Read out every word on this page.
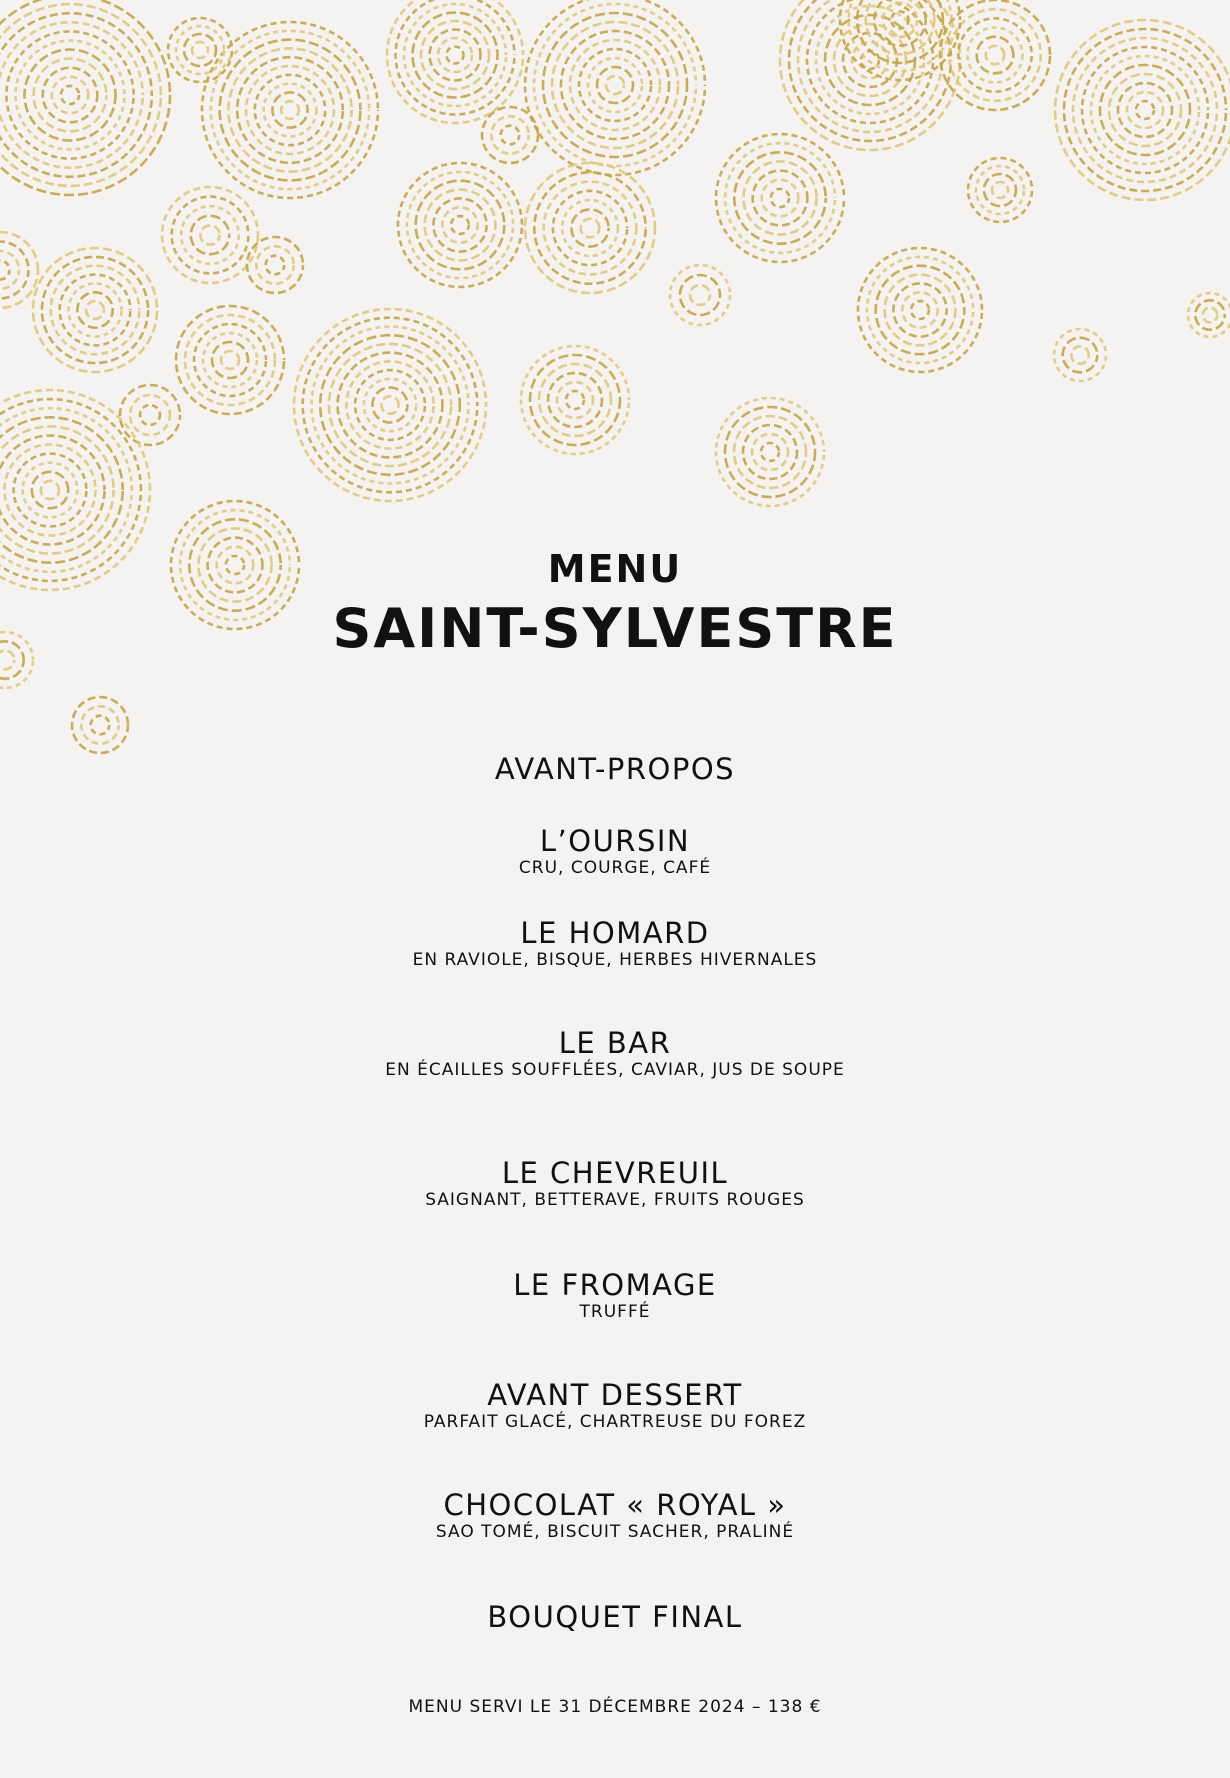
MENU
SAINT-SYLVESTRE
AVANT-PROPOS
L’OURSIN
CRU, COURGE, CAFÉ
LE HOMARD
EN RAVIOLE, BISQUE, HERBES HIVERNALES
LE BAR
EN ÉCAILLES SOUFFLÉES, CAVIAR, JUS DE SOUPE
LE CHEVREUIL
SAIGNANT, BETTERAVE, FRUITS ROUGES
LE FROMAGE
TRUFFÉ
AVANT DESSERT
PARFAIT GLACÉ, CHARTREUSE DU FOREZ
CHOCOLAT « ROYAL »
SAO TOMÉ, BISCUIT SACHER, PRALINÉ
BOUQUET FINAL
MENU SERVI LE 31 DÉCEMBRE 2024 – 138 €
